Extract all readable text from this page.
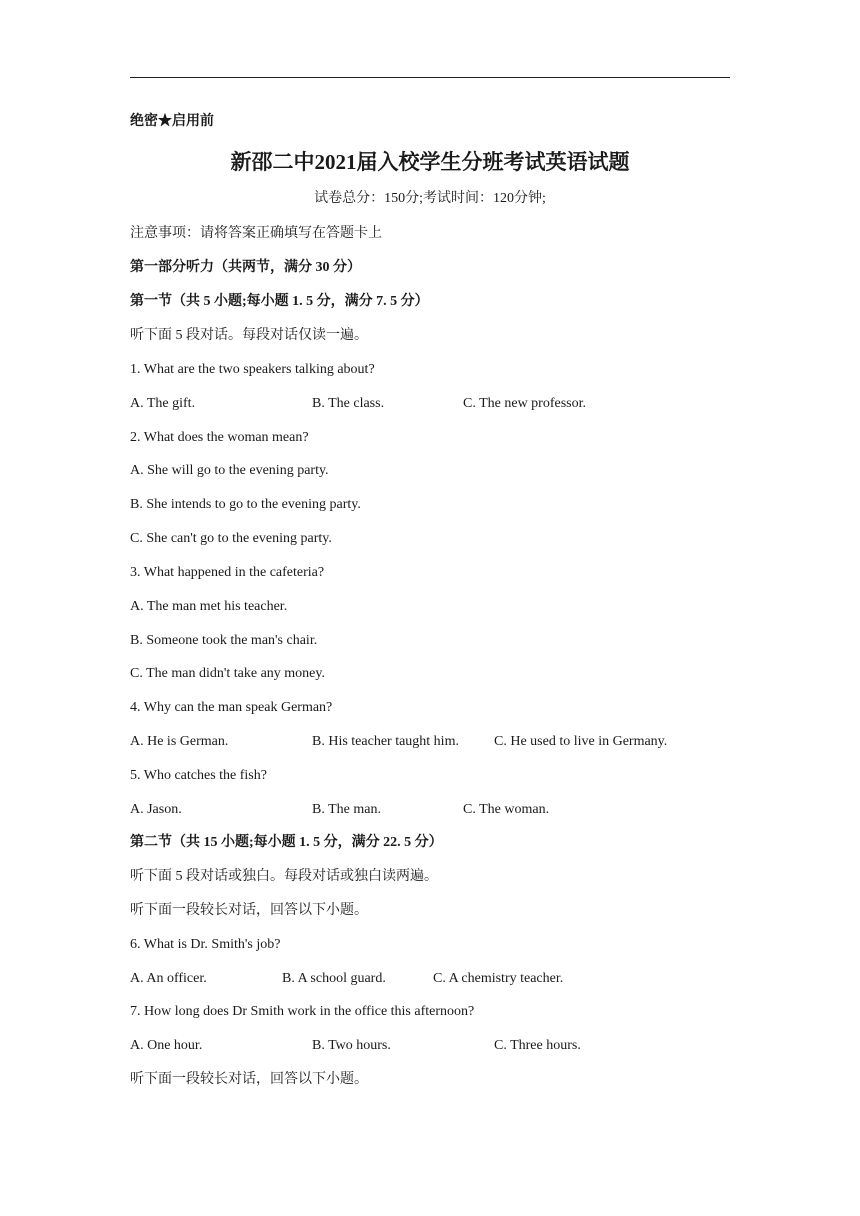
绝密★启用前
新邵二中2021届入校学生分班考试英语试题
试卷总分：150分;考试时间：120分钟;
注意事项：请将答案正确填写在答题卡上
第一部分听力（共两节，满分 30 分）
第一节（共 5 小题;每小题 1. 5 分，满分 7. 5 分）
听下面 5 段对话。每段对话仅读一遍。
1. What are the two speakers talking about?
A. The gift.	B. The class.	C. The new professor.
2. What does the woman mean?
A. She will go to the evening party.
B. She intends to go to the evening party.
C. She can't go to the evening party.
3. What happened in the cafeteria?
A. The man met his teacher.
B. Someone took the man's chair.
C. The man didn't take any money.
4. Why can the man speak German?
A. He is German.	B. His teacher taught him.	C. He used to live in Germany.
5. Who catches the fish?
A. Jason.	B. The man.	C. The woman.
第二节（共 15 小题;每小题 1. 5 分，满分 22. 5 分）
听下面 5 段对话或独白。每段对话或独白读两遍。
听下面一段较长对话，回答以下小题。
6. What is Dr. Smith's job?
A. An officer.	B. A school guard.	C. A chemistry teacher.
7. How long does Dr Smith work in the office this afternoon?
A. One hour.	B. Two hours.	C. Three hours.
听下面一段较长对话，回答以下小题。
